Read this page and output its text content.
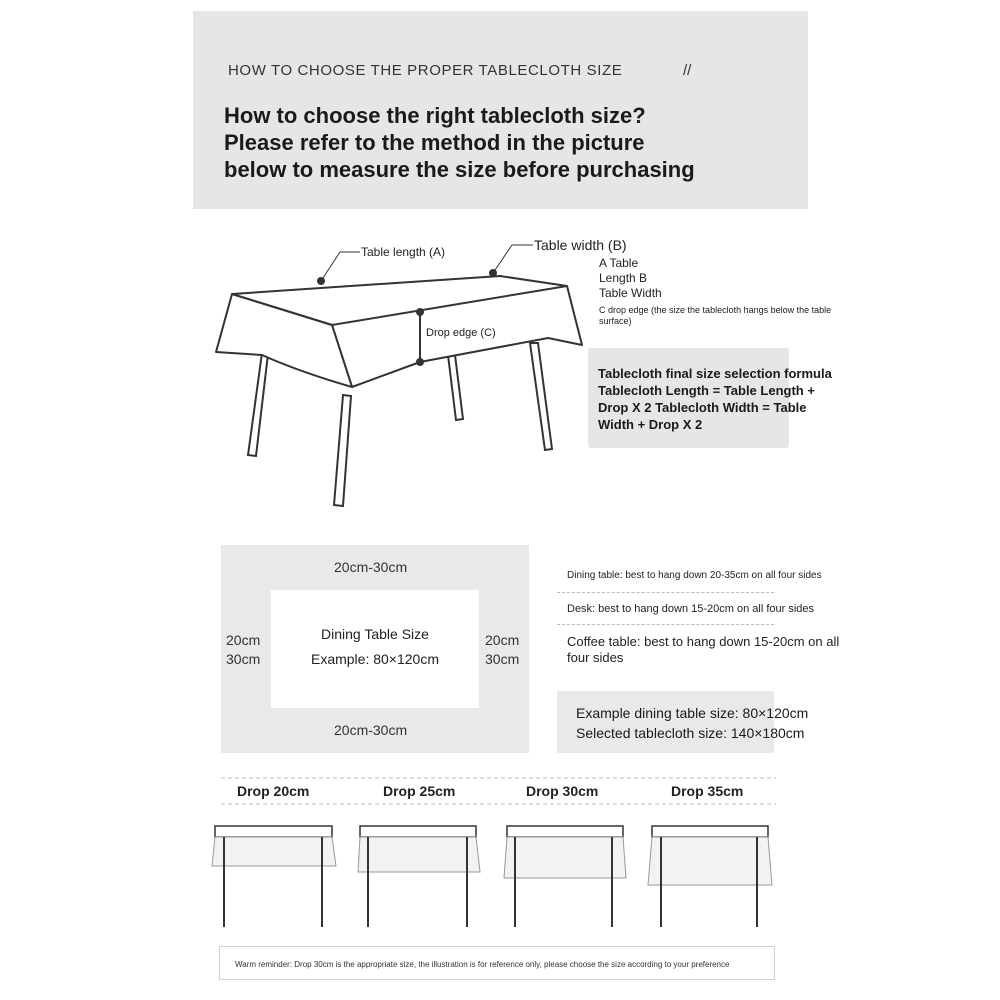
HOW TO CHOOSE THE PROPER TABLECLOTH SIZE	//
How to choose the right tablecloth size?
Please refer to the method in the picture
below to measure the size before purchasing
Table length (A)	Table width (B)
Drop edge (C)
A Table
Length B
Table Width
C drop edge (the size the tablecloth hangs below the table
surface)
Tablecloth final size selection formula
Tablecloth Length = Table Length +
Drop X 2 Tablecloth Width = Table
Width + Drop X 2
20cm-30cm
20cm-30cm
20cm
30cm
20cm
30cm
Dining Table Size
Example: 80×120cm
Dining table: best to hang down 20-35cm on all four sides
Desk: best to hang down 15-20cm on all four sides
Coffee table: best to hang down 15-20cm on all
four sides
Example dining table size: 80×120cm
Selected tablecloth size: 140×180cm
Drop 20cm	Drop 25cm	Drop 30cm	Drop 35cm
Warm reminder: Drop 30cm is the appropriate size, the illustration is for reference only, please choose the size according to your preference
